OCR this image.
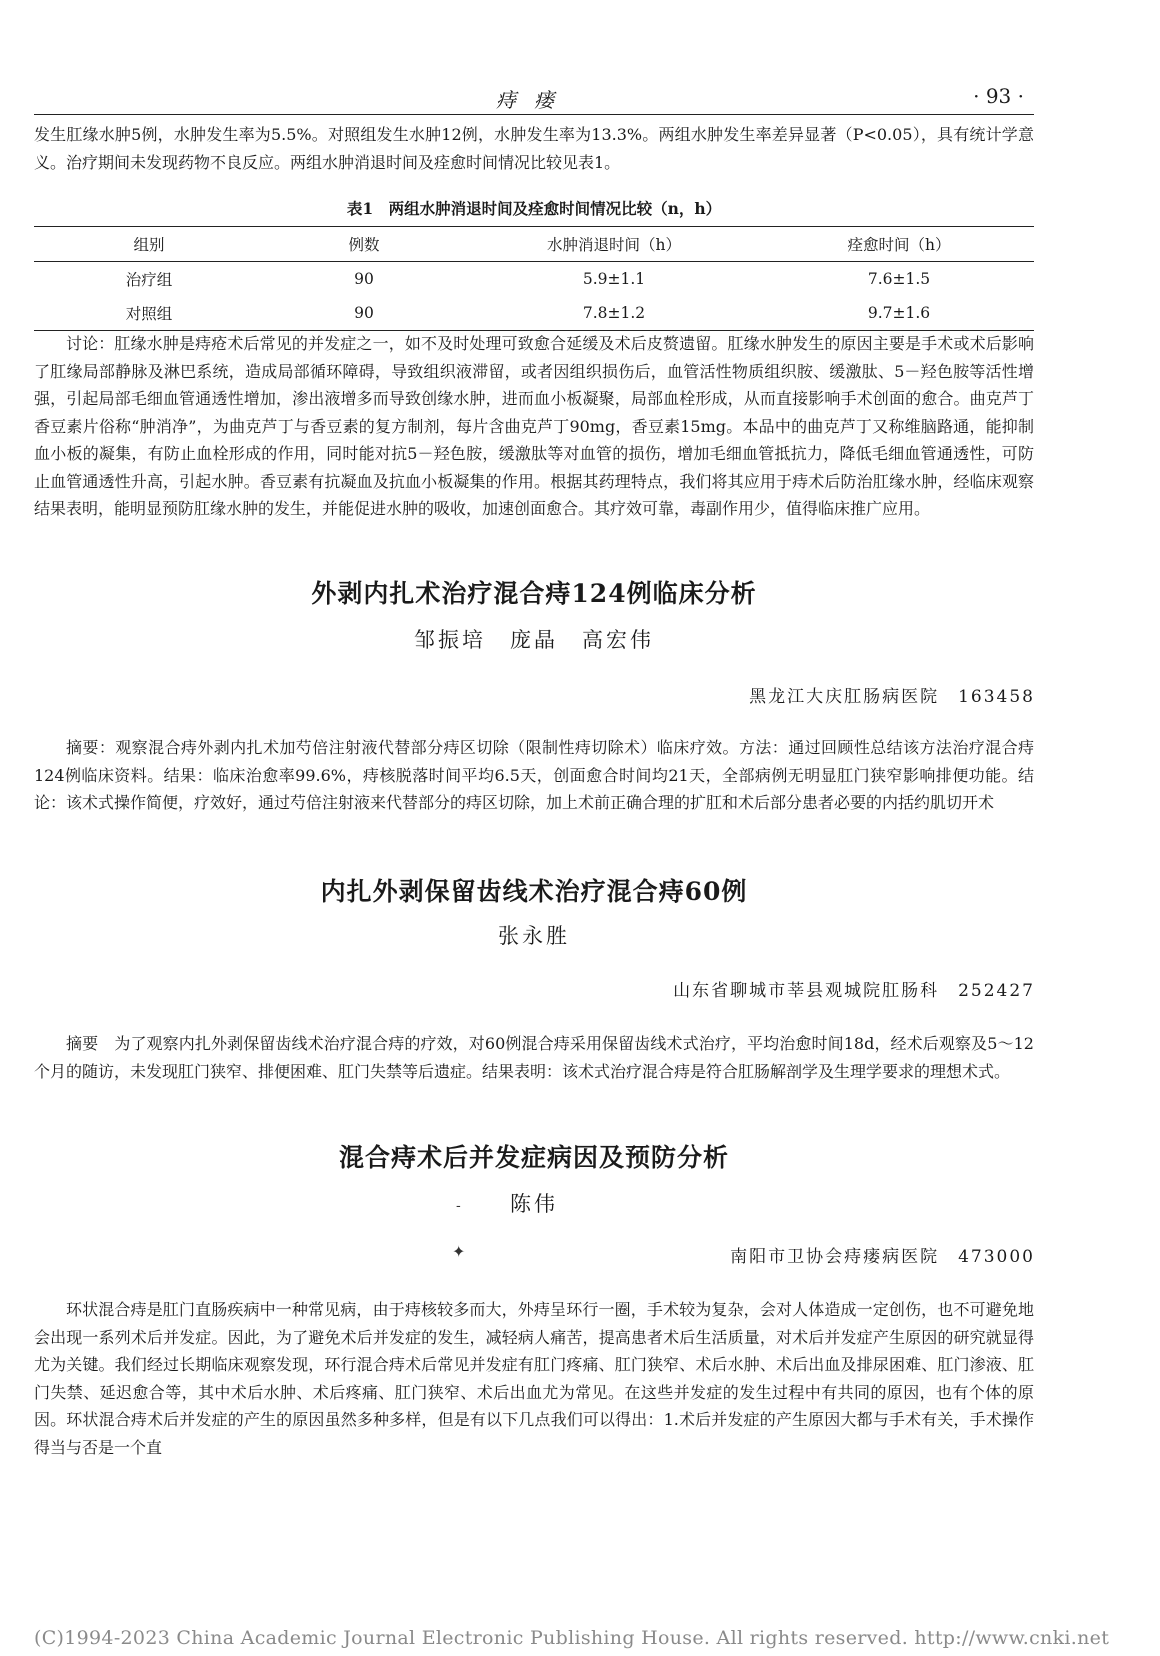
痔瘘	· 93 ·

发生肛缘水肿5例，水肿发生率为5.5%。对照组发生水肿12例，水肿发生率为13.3%。两组水肿发生率差异显著（P<0.05），具有统计学意义。治疗期间未发现药物不良反应。两组水肿消退时间及痊愈时间情况比较见表1。

表1　两组水肿消退时间及痊愈时间情况比较（n，h）
组别	例数	水肿消退时间（h）	痊愈时间（h）
治疗组	90	5.9±1.1	7.6±1.5
对照组	90	7.8±1.2	9.7±1.6

讨论：肛缘水肿是痔疮术后常见的并发症之一，如不及时处理可致愈合延缓及术后皮赘遗留。肛缘水肿发生的原因主要是手术或术后影响了肛缘局部静脉及淋巴系统，造成局部循环障碍，导致组织液滞留，或者因组织损伤后，血管活性物质组织胺、缓激肽、5－羟色胺等活性增强，引起局部毛细血管通透性增加，渗出液增多而导致创缘水肿，进而血小板凝聚，局部血栓形成，从而直接影响手术创面的愈合。曲克芦丁香豆素片俗称“肿消净”，为曲克芦丁与香豆素的复方制剂，每片含曲克芦丁90mg，香豆素15mg。本品中的曲克芦丁又称维脑路通，能抑制血小板的凝集，有防止血栓形成的作用，同时能对抗5－羟色胺，缓激肽等对血管的损伤，增加毛细血管抵抗力，降低毛细血管通透性，可防止血管通透性升高，引起水肿。香豆素有抗凝血及抗血小板凝集的作用。根据其药理特点，我们将其应用于痔术后防治肛缘水肿，经临床观察结果表明，能明显预防肛缘水肿的发生，并能促进水肿的吸收，加速创面愈合。其疗效可靠，毒副作用少，值得临床推广应用。

外剥内扎术治疗混合痔124例临床分析
邹振培　庞晶　高宏伟
黑龙江大庆肛肠病医院　163458

摘要：观察混合痔外剥内扎术加芍倍注射液代替部分痔区切除（限制性痔切除术）临床疗效。方法：通过回顾性总结该方法治疗混合痔124例临床资料。结果：临床治愈率99.6%，痔核脱落时间平均6.5天，创面愈合时间均21天，全部病例无明显肛门狭窄影响排便功能。结论：该术式操作简便，疗效好，通过芍倍注射液来代替部分的痔区切除，加上术前正确合理的扩肛和术后部分患者必要的内括约肌切开术

内扎外剥保留齿线术治疗混合痔60例
张永胜
山东省聊城市莘县观城院肛肠科　252427

摘要　为了观察内扎外剥保留齿线术治疗混合痔的疗效，对60例混合痔采用保留齿线术式治疗，平均治愈时间18d，经术后观察及5～12个月的随访，未发现肛门狭窄、排便困难、肛门失禁等后遗症。结果表明：该术式治疗混合痔是符合肛肠解剖学及生理学要求的理想术式。

混合痔术后并发症病因及预防分析
陈伟
-
✦	南阳市卫协会痔瘘病医院　473000

环状混合痔是肛门直肠疾病中一种常见病，由于痔核较多而大，外痔呈环行一圈，手术较为复杂，会对人体造成一定创伤，也不可避免地会出现一系列术后并发症。因此，为了避免术后并发症的发生，减轻病人痛苦，提高患者术后生活质量，对术后并发症产生原因的研究就显得尤为关键。我们经过长期临床观察发现，环行混合痔术后常见并发症有肛门疼痛、肛门狭窄、术后水肿、术后出血及排尿困难、肛门渗液、肛门失禁、延迟愈合等，其中术后水肿、术后疼痛、肛门狭窄、术后出血尤为常见。在这些并发症的发生过程中有共同的原因，也有个体的原因。环状混合痔术后并发症的产生的原因虽然多种多样，但是有以下几点我们可以得出：1.术后并发症的产生原因大都与手术有关，手术操作得当与否是一个直

(C)1994-2023 China Academic Journal Electronic Publishing House. All rights reserved. http://www.cnki.net
